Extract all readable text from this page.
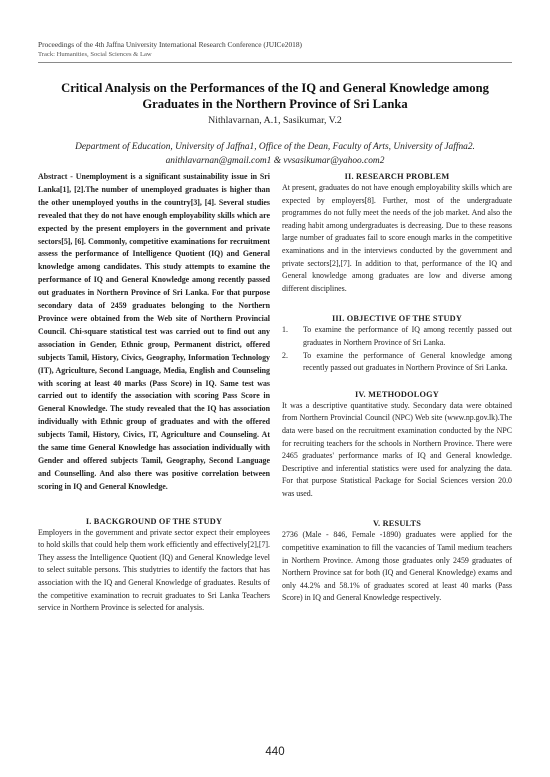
Proceedings of the 4th Jaffna University International Research Conference (JUICe2018)
Track: Humanities, Social Sciences & Law
Critical Analysis on the Performances of the IQ and General Knowledge among
Graduates in the Northern Province of Sri Lanka
Nithlavarnan, A.1, Sasikumar, V.2
Department of Education, University of Jaffna1, Office of the Dean, Faculty of Arts, University of Jaffna2.
anithlavarnan@gmail.com1 & vvsasikumar@yahoo.com2

Abstract - Unemployment is a significant sustainability issue in Sri Lanka[1], [2].The number of unemployed graduates is higher than the other unemployed youths in the country[3], [4]. Several studies revealed that they do not have enough employability skills which are expected by the present employers in the government and private sectors[5], [6]. Commonly, competitive examinations for recruitment assess the performance of Intelligence Quotient (IQ) and General knowledge among candidates. This study attempts to examine the performance of IQ and General Knowledge among recently passed out graduates in Northern Province of Sri Lanka. For that purpose secondary data of 2459 graduates belonging to the Northern Province were obtained from the Web site of Northern Provincial Council. Chi-square statistical test was carried out to find out any association in Gender, Ethnic group, Permanent district, offered subjects Tamil, History, Civics, Geography, Information Technology (IT), Agriculture, Second Language, Media, English and Counseling with scoring at least 40 marks (Pass Score) in IQ. Same test was carried out to identify the association with scoring Pass Score in General Knowledge. The study revealed that the IQ has association individually with Ethnic group of graduates and with the offered subjects Tamil, History, Civics, IT, Agriculture and Counseling. At the same time General Knowledge has association individually with Gender and offered subjects Tamil, Geography, Second Language and Counselling. And also there was positive correlation between scoring in IQ and General Knowledge.

I. BACKGROUND OF THE STUDY

Employers in the government and private sector expect their employees to hold skills that could help them work efficiently and effectively[2],[7]. They assess the Intelligence Quotient (IQ) and General Knowledge level to select suitable persons. This studytries to identify the factors that has association with the IQ and General Knowledge of graduates. Results of the competitive examination to recruit graduates to Sri Lanka Teachers service in Northern Province is selected for analysis.

II. RESEARCH PROBLEM

At present, graduates do not have enough employability skills which are expected by employers[8]. Further, most of the undergraduate programmes do not fully meet the needs of the job market. And also the reading habit among undergraduates is decreasing. Due to these reasons large number of graduates fail to score enough marks in the competitive examinations and in the interviews conducted by the government and private sectors[2],[7]. In addition to that, performance of the IQ and General knowledge among graduates are low and diverse among different disciplines.

III. OBJECTIVE OF THE STUDY
1. To examine the performance of IQ among recently passed out graduates in Northern Province of Sri Lanka.
2. To examine the performance of General knowledge among recently passed out graduates in Northern Province of Sri Lanka.
IV. METHODOLOGY

It was a descriptive quantitative study. Secondary data were obtained from Northern Provincial Council (NPC) Web site (www.np.gov.lk).The data were based on the recruitment examination conducted by the NPC for recruiting teachers for the schools in Northern Province. There were 2465 graduates' performance marks of IQ and General knowledge. Descriptive and inferential statistics were used for analyzing the data. For that purpose Statistical Package for Social Sciences version 20.0 was used.

V. RESULTS

2736 (Male - 846, Female -1890) graduates were applied for the competitive examination to fill the vacancies of Tamil medium teachers in Northern Province. Among those graduates only 2459 graduates of Northern Province sat for both (IQ and General Knowledge) exams and only 44.2% and 58.1% of graduates scored at least 40 marks (Pass Score) in IQ and General Knowledge respectively.

440
